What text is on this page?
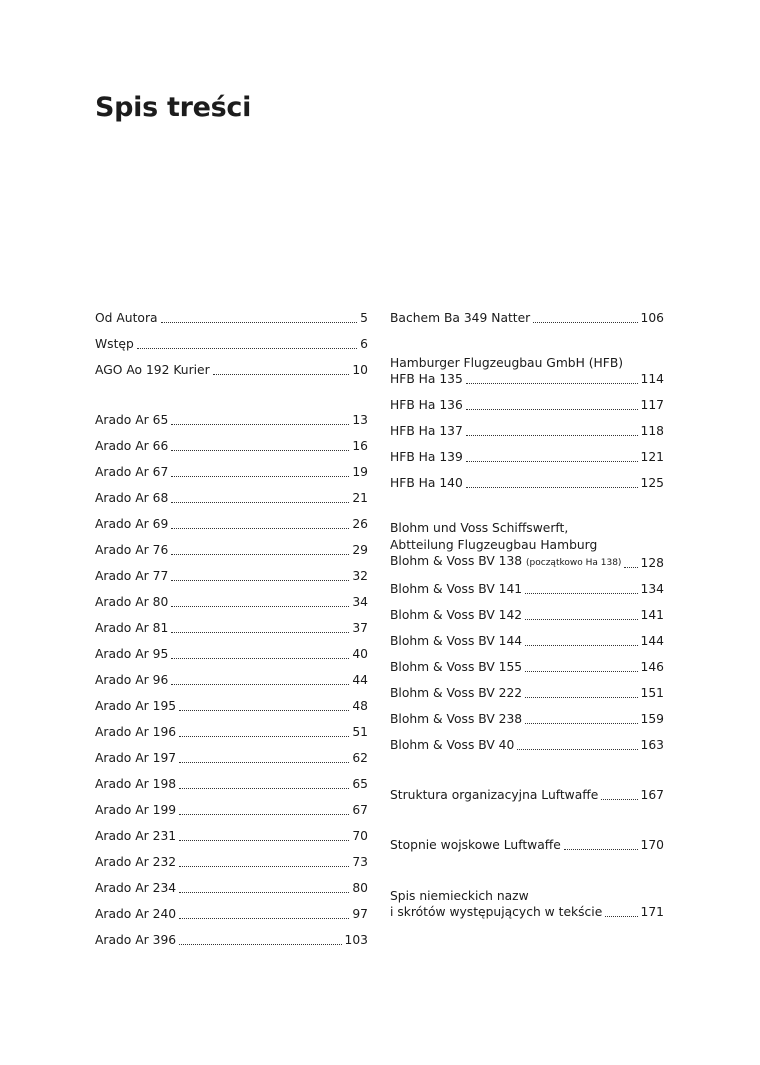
Spis treści
Od Autora	5
Wstęp	6
AGO Ao 192 Kurier	10
Arado Ar 65	13
Arado Ar 66	16
Arado Ar 67	19
Arado Ar 68	21
Arado Ar 69	26
Arado Ar 76	29
Arado Ar 77	32
Arado Ar 80	34
Arado Ar 81	37
Arado Ar 95	40
Arado Ar 96	44
Arado Ar 195	48
Arado Ar 196	51
Arado Ar 197	62
Arado Ar 198	65
Arado Ar 199	67
Arado Ar 231	70
Arado Ar 232	73
Arado Ar 234	80
Arado Ar 240	97
Arado Ar 396	103
Bachem Ba 349 Natter	106
Hamburger Flugzeugbau GmbH (HFB)
HFB Ha 135	114
HFB Ha 136	117
HFB Ha 137	118
HFB Ha 139	121
HFB Ha 140	125
Blohm und Voss Schiffswerft,
Abtteilung Flugzeugbau Hamburg
Blohm & Voss BV 138 (początkowo Ha 138) 128
Blohm & Voss BV 141	134
Blohm & Voss BV 142	141
Blohm & Voss BV 144	144
Blohm & Voss BV 155	146
Blohm & Voss BV 222	151
Blohm & Voss BV 238	159
Blohm & Voss BV 40	163
Struktura organizacyjna Luftwaffe	167
Stopnie wojskowe Luftwaffe	170
Spis niemieckich nazw
i skrótów występujących w tekście	171
